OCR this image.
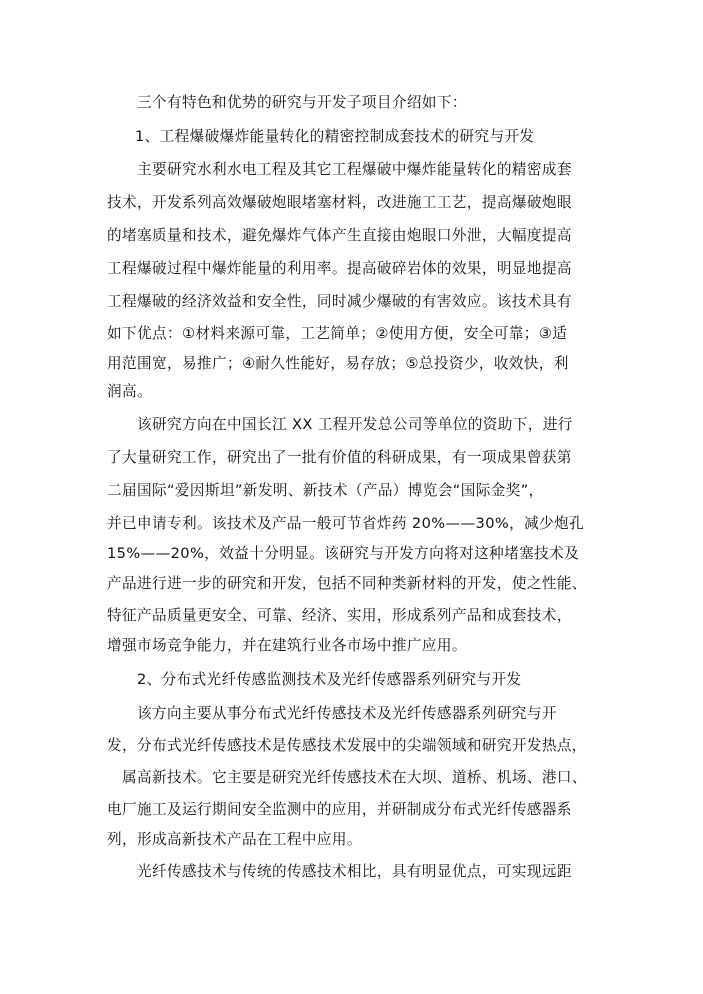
三个有特色和优势的研究与开发子项目介绍如下：
1、工程爆破爆炸能量转化的精密控制成套技术的研究与开发
主要研究水利水电工程及其它工程爆破中爆炸能量转化的精密成套
技术，开发系列高效爆破炮眼堵塞材料，改进施工工艺，提高爆破炮眼
的堵塞质量和技术，避免爆炸气体产生直接由炮眼口外泄，大幅度提高
工程爆破过程中爆炸能量的利用率。提高破碎岩体的效果，明显地提高
工程爆破的经济效益和安全性，同时减少爆破的有害效应。该技术具有
如下优点：①材料来源可靠，工艺简单；②使用方便，安全可靠；③适
用范围宽，易推广；④耐久性能好，易存放；⑤总投资少，收效快，利
润高。
该研究方向在中国长江 XX 工程开发总公司等单位的资助下，进行
了大量研究工作，研究出了一批有价值的科研成果，有一项成果曾获第
二届国际“爱因斯坦”新发明、新技术（产品）博览会“国际金奖”，
并已申请专利。该技术及产品一般可节省炸药 20%——30%，减少炮孔
15%——20%，效益十分明显。该研究与开发方向将对这种堵塞技术及
产品进行进一步的研究和开发，包括不同种类新材料的开发，使之性能、
特征产品质量更安全、可靠、经济、实用，形成系列产品和成套技术，
增强市场竞争能力，并在建筑行业各市场中推广应用。
2、分布式光纤传感监测技术及光纤传感器系列研究与开发
该方向主要从事分布式光纤传感技术及光纤传感器系列研究与开
发，分布式光纤传感技术是传感技术发展中的尖端领域和研究开发热点，
属高新技术。它主要是研究光纤传感技术在大坝、道桥、机场、港口、
电厂施工及运行期间安全监测中的应用，并研制成分布式光纤传感器系
列，形成高新技术产品在工程中应用。
光纤传感技术与传统的传感技术相比，具有明显优点，可实现远距
